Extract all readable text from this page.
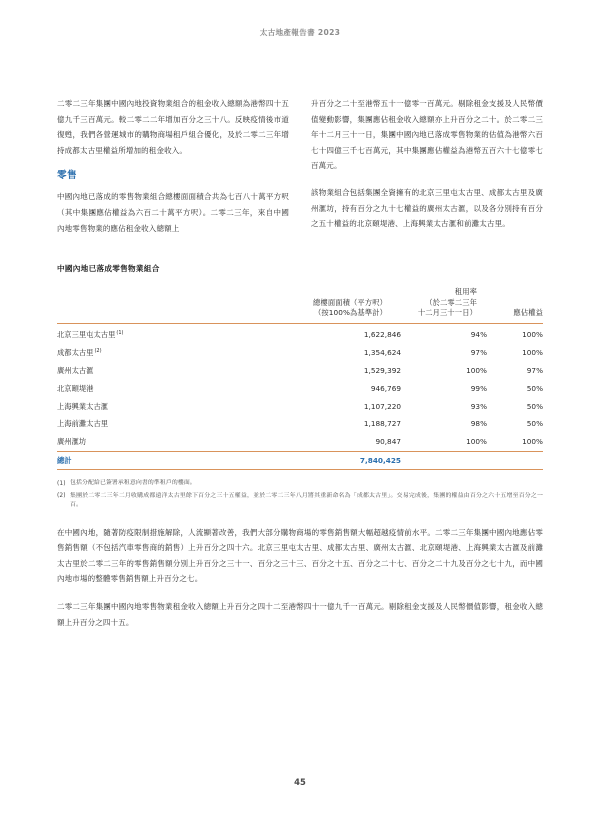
太古地產報告書 2023

二零二三年集團中國內地投資物業組合的租金收入總額為港幣四十五億九千三百萬元。較二零二二年增加百分之三十八。反映疫情後市道復甦，我們各營運城市的購物商場租戶組合優化，及於二零二三年增持成都太古里權益所增加的租金收入。

零售

中國內地已落成的零售物業組合總樓面面積合共為七百八十萬平方呎（其中集團應佔權益為六百二十萬平方呎）。二零二三年，來自中國內地零售物業的應佔租金收入總額上

升百分之二十至港幣五十一億零一百萬元。剔除租金支援及人民幣價值變動影響，集團應佔租金收入總額亦上升百分之二十。於二零二三年十二月三十一日，集團中國內地已落成零售物業的估值為港幣六百七十四億三千七百萬元，其中集團應佔權益為港幣五百六十七億零七百萬元。

該物業組合包括集團全資擁有的北京三里屯太古里、成都太古里及廣州滙坊，持有百分之九十七權益的廣州太古滙，以及各分別持有百分之五十權益的北京頤堤港、上海興業太古滙和前灘太古里。

中國內地已落成零售物業組合

總樓面面積（平方呎）
（按100%為基準計）

租用率
（於二零二三年
十二月三十一日）	應佔權益

北京三里屯太古里$^{(1)}$	1,622,846	94%	100%
成都太古里$^{(2)}$	1,354,624	97%	100%
廣州太古滙	1,529,392	100%	97%
北京頤堤港	946,769	99%	50%
上海興業太古滙	1,107,220	93%	50%
上海前灘太古里	1,188,727	98%	50%
廣州滙坊	90,847	100%	100%
總計	7,840,425		
(1) 包括分配給已簽署承租意向書的準租戶的樓面。
(2) 集團於二零二三年二月收購成都遠洋太古里餘下百分之三十五權益，並於二零二三年八月將其重新命名為「成都太古里」。交易完成後，集團的權益由百分之六十五增至百分之一百。

在中國內地，隨著防疫限制措施解除，人流顯著改善，我們大部分購物商場的零售銷售額大幅超越疫情前水平。二零二三年集團中國內地應佔零售銷售額（不包括汽車零售商的銷售）上升百分之四十六。北京三里屯太古里、成都太古里、廣州太古滙、北京頤堤港、上海興業太古滙及前灘太古里於二零二三年的零售銷售額分別上升百分之三十一、百分之三十三、百分之十五、百分之二十七、百分之二十九及百分之七十九，而中國內地市場的整體零售銷售額上升百分之七。

二零二三年集團中國內地零售物業租金收入總額上升百分之四十二至港幣四十一億九千一百萬元。剔除租金支援及人民幣價值影響，租金收入總額上升百分之四十五。

45
